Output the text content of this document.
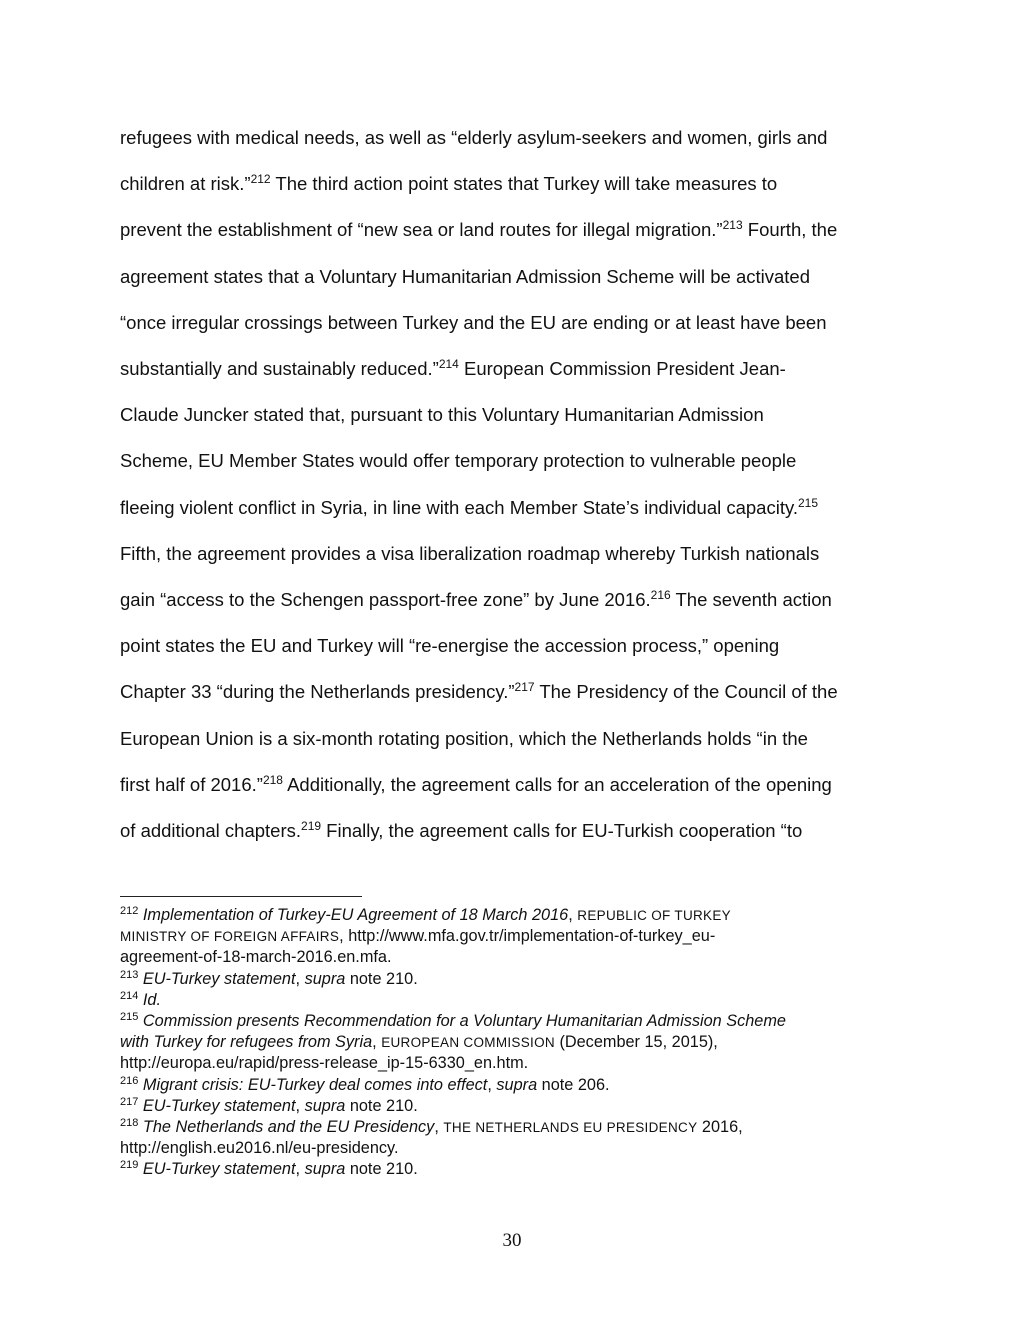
refugees with medical needs, as well as “elderly asylum-seekers and women, girls and

children at risk.”$^{212}$ The third action point states that Turkey will take measures to

prevent the establishment of “new sea or land routes for illegal migration.”$^{213}$ Fourth, the

agreement states that a Voluntary Humanitarian Admission Scheme will be activated

“once irregular crossings between Turkey and the EU are ending or at least have been

substantially and sustainably reduced.”$^{214}$ European Commission President Jean-

Claude Juncker stated that, pursuant to this Voluntary Humanitarian Admission

Scheme, EU Member States would offer temporary protection to vulnerable people

fleeing violent conflict in Syria, in line with each Member State’s individual capacity.$^{215}$

Fifth, the agreement provides a visa liberalization roadmap whereby Turkish nationals

gain “access to the Schengen passport-free zone” by June 2016.$^{216}$ The seventh action

point states the EU and Turkey will “re-energise the accession process,” opening

Chapter 33 “during the Netherlands presidency.”$^{217}$ The Presidency of the Council of the

European Union is a six-month rotating position, which the Netherlands holds “in the

first half of 2016.”$^{218}$ Additionally, the agreement calls for an acceleration of the opening

of additional chapters.$^{219}$ Finally, the agreement calls for EU-Turkish cooperation “to

$^{212}$ Implementation of Turkey-EU Agreement of 18 March 2016, REPUBLIC OF TURKEY

MINISTRY OF FOREIGN AFFAIRS, http://www.mfa.gov.tr/implementation-of-turkey_eu-

agreement-of-18-march-2016.en.mfa.

$^{213}$ EU-Turkey statement, supra note 210.

$^{214}$ Id.

$^{215}$ Commission presents Recommendation for a Voluntary Humanitarian Admission Scheme

with Turkey for refugees from Syria, EUROPEAN COMMISSION (December 15, 2015),

http://europa.eu/rapid/press-release_ip-15-6330_en.htm.

$^{216}$ Migrant crisis: EU-Turkey deal comes into effect, supra note 206.

$^{217}$ EU-Turkey statement, supra note 210.

$^{218}$ The Netherlands and the EU Presidency, THE NETHERLANDS EU PRESIDENCY 2016,

http://english.eu2016.nl/eu-presidency.

$^{219}$ EU-Turkey statement, supra note 210.

30
